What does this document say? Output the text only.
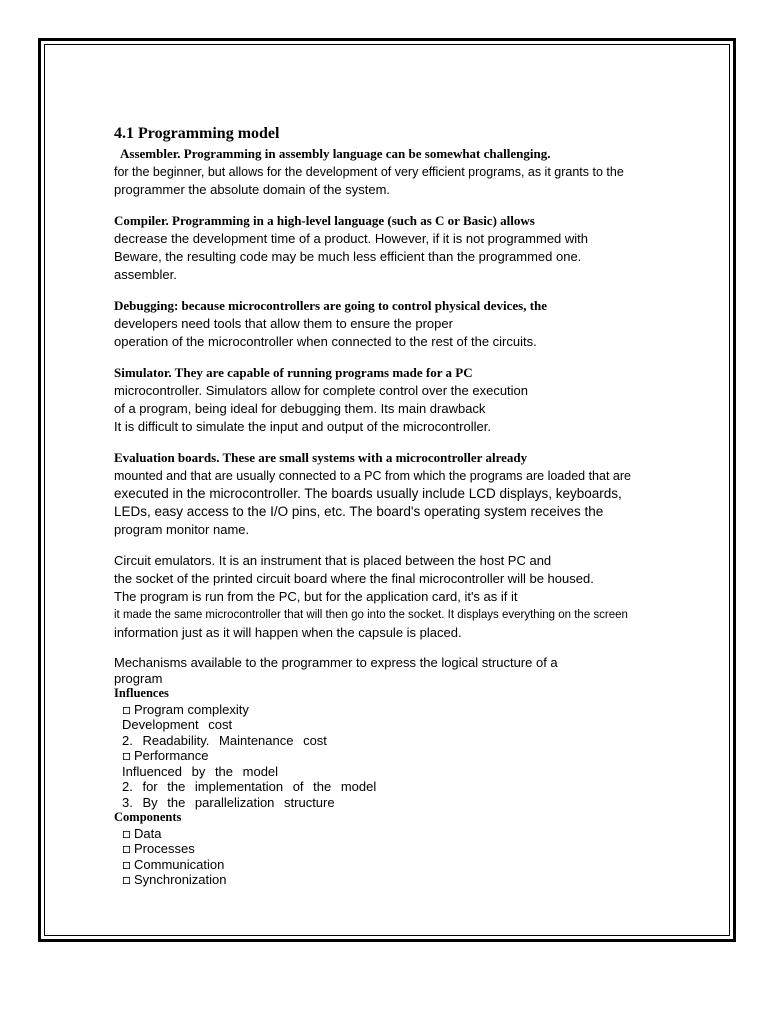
4.1 Programming model
Assembler. Programming in assembly language can be somewhat challenging.
for the beginner, but allows for the development of very efficient programs, as it grants to the
programmer the absolute domain of the system.
Compiler. Programming in a high-level language (such as C or Basic) allows
decrease the development time of a product. However, if it is not programmed with
Beware, the resulting code may be much less efficient than the programmed one.
assembler.
Debugging: because microcontrollers are going to control physical devices, the
developers need tools that allow them to ensure the proper
operation of the microcontroller when connected to the rest of the circuits.
Simulator. They are capable of running programs made for a PC
microcontroller. Simulators allow for complete control over the execution
of a program, being ideal for debugging them. Its main drawback
It is difficult to simulate the input and output of the microcontroller.
Evaluation boards. These are small systems with a microcontroller already
mounted and that are usually connected to a PC from which the programs are loaded that are
executed in the microcontroller. The boards usually include LCD displays, keyboards,
LEDs, easy access to the I/O pins, etc. The board's operating system receives the
program monitor name.
Circuit emulators. It is an instrument that is placed between the host PC and
the socket of the printed circuit board where the final microcontroller will be housed.
The program is run from the PC, but for the application card, it's as if it
it made the same microcontroller that will then go into the socket. It displays everything on the screen
information just as it will happen when the capsule is placed.
Mechanisms available to the programmer to express the logical structure of a
program
Influences
Program complexity
Development cost
2. Readability. Maintenance cost
Performance
Influenced by the model
2. for the implementation of the model
3. By the parallelization structure
Components
Data
Processes
Communication
Synchronization
